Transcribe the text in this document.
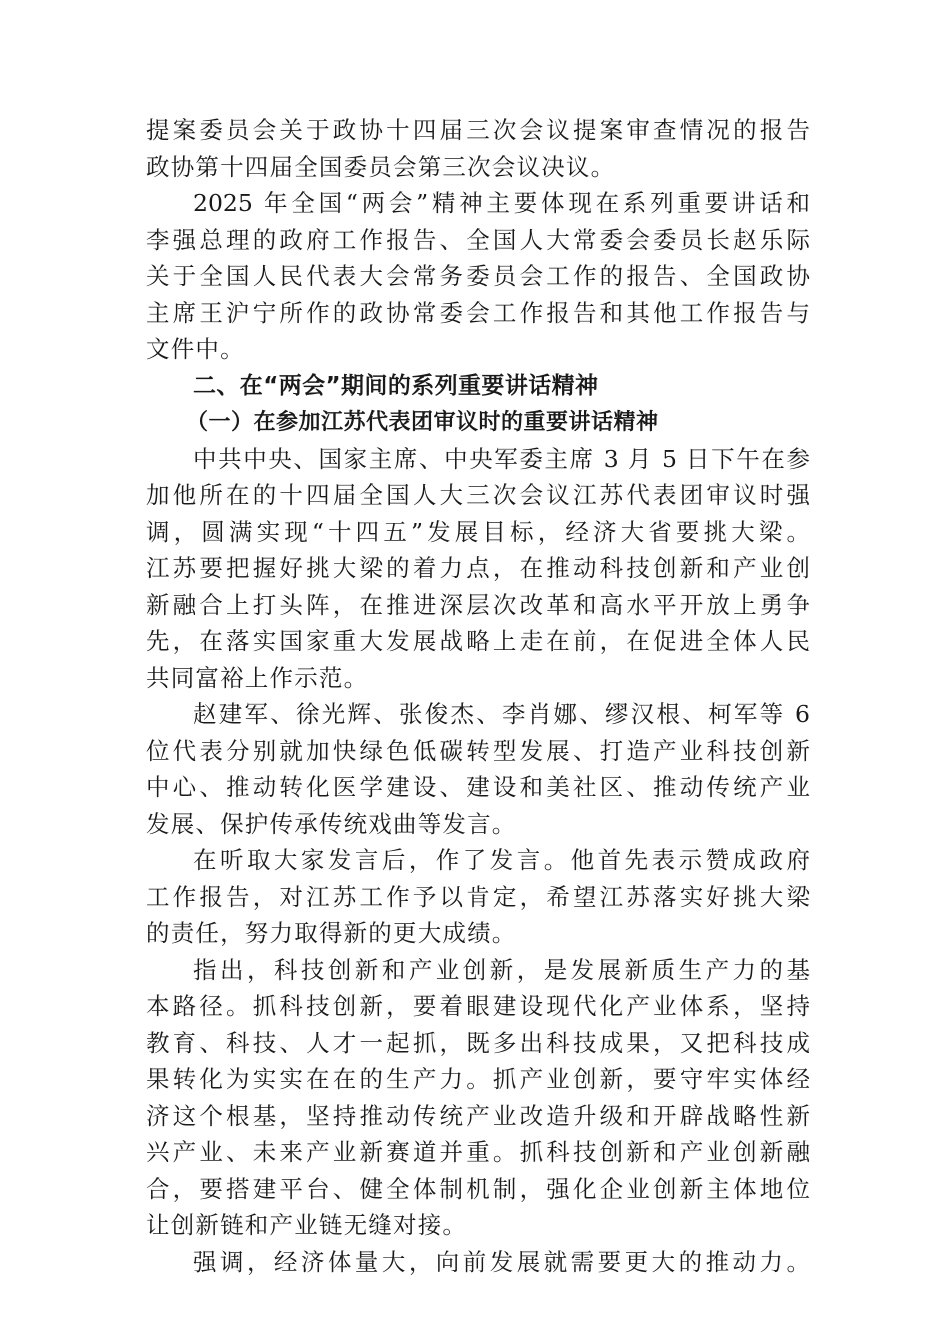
提案委员会关于政协十四届三次会议提案审查情况的报告
政协第十四届全国委员会第三次会议决议。
2025 年全国“两会”精神主要体现在系列重要讲话和
李强总理的政府工作报告、全国人大常委会委员长赵乐际
关于全国人民代表大会常务委员会工作的报告、全国政协
主席王沪宁所作的政协常委会工作报告和其他工作报告与
文件中。
二、在“两会”期间的系列重要讲话精神
（一）在参加江苏代表团审议时的重要讲话精神
中共中央、国家主席、中央军委主席 3 月 5 日下午在参
加他所在的十四届全国人大三次会议江苏代表团审议时强
调，圆满实现“十四五”发展目标，经济大省要挑大梁。
江苏要把握好挑大梁的着力点，在推动科技创新和产业创
新融合上打头阵，在推进深层次改革和高水平开放上勇争
先，在落实国家重大发展战略上走在前，在促进全体人民
共同富裕上作示范。
赵建军、徐光辉、张俊杰、李肖娜、缪汉根、柯军等 6
位代表分别就加快绿色低碳转型发展、打造产业科技创新
中心、推动转化医学建设、建设和美社区、推动传统产业
发展、保护传承传统戏曲等发言。
在听取大家发言后，作了发言。他首先表示赞成政府
工作报告，对江苏工作予以肯定，希望江苏落实好挑大梁
的责任，努力取得新的更大成绩。
指出，科技创新和产业创新，是发展新质生产力的基
本路径。抓科技创新，要着眼建设现代化产业体系，坚持
教育、科技、人才一起抓，既多出科技成果，又把科技成
果转化为实实在在的生产力。抓产业创新，要守牢实体经
济这个根基，坚持推动传统产业改造升级和开辟战略性新
兴产业、未来产业新赛道并重。抓科技创新和产业创新融
合，要搭建平台、健全体制机制，强化企业创新主体地位
让创新链和产业链无缝对接。
强调，经济体量大，向前发展就需要更大的推动力。
